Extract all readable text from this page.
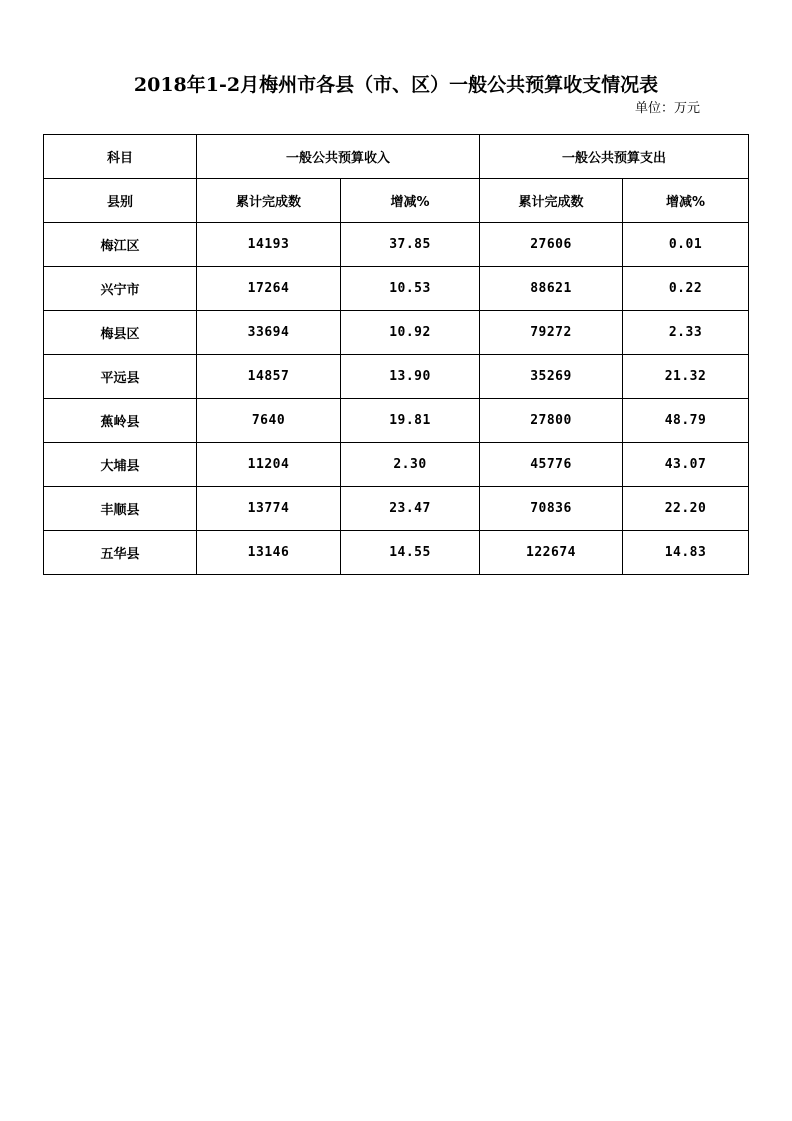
2018年1-2月梅州市各县（市、区）一般公共预算收支情况表
单位：万元
科目	一般公共预算收入		一般公共预算支出	
县别	累计完成数	增减%	累计完成数	增减%
梅江区	14193	37.85	27606	0.01
兴宁市	17264	10.53	88621	0.22
梅县区	33694	10.92	79272	2.33
平远县	14857	13.90	35269	21.32
蕉岭县	7640	19.81	27800	48.79
大埔县	11204	2.30	45776	43.07
丰顺县	13774	23.47	70836	22.20
五华县	13146	14.55	122674	14.83
